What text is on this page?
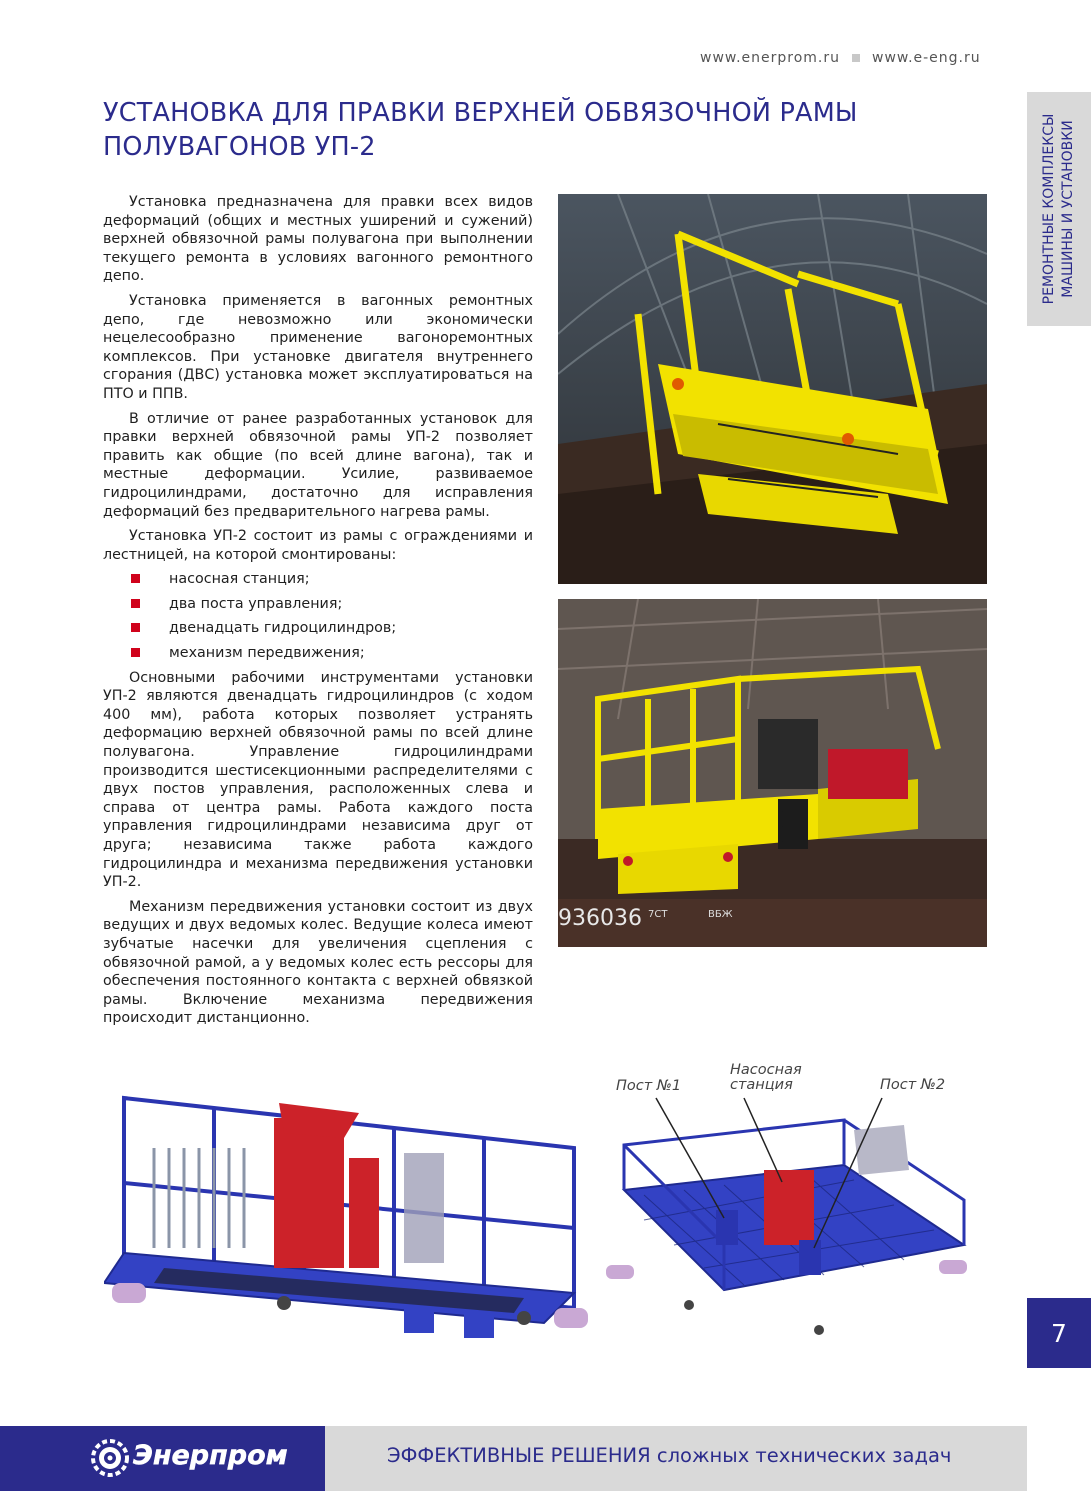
www.enerprom.ru www.e-eng.ru
УСТАНОВКА ДЛЯ ПРАВКИ ВЕРХНЕЙ ОБВЯЗОЧНОЙ РАМЫ
ПОЛУВАГОНОВ УП-2	РЕМОНТНЫЕ КОМПЛЕКСЫ МАШИНЫ И УСТАНОВКИ

Установка предназначена для правки всех видов деформаций (общих и местных уширений и сужений) верхней обвязочной рамы полувагона при выполнении текущего ремонта в условиях вагонного ремонтного депо.

Установка применяется в вагонных ремонтных депо, где невозможно или экономически нецелесообразно применение вагоноремонтных комплексов. При установке двигателя внутреннего сгорания (ДВС) установка может эксплуатироваться на ПТО и ППВ.

В отличие от ранее разработанных установок для правки верхней обвязочной рамы УП-2 позволяет править как общие (по всей длине вагона), так и местные деформации. Усилие, развиваемое гидроцилиндрами, достаточно для исправления деформаций без предварительного нагрева рамы.

Установка УП-2 состоит из рамы с ограждениями и лестницей, на которой смонтированы:

насосная станция;
два поста управления;
двенадцать гидроцилиндров;
механизм передвижения;

Основными рабочими инструментами установки УП-2 являются двенадцать гидроцилиндров (с ходом 400 мм), работа которых позволяет устранять деформацию верхней обвязочной рамы по всей длине полувагона. Управление гидроцилиндрами производится шестисекционными распределителями с двух постов управления, расположенных слева и справа от центра рамы. Работа каждого поста управления гидроцилиндрами независима друг от друга; независима также работа каждого гидроцилиндра и механизма передвижения установки УП-2.

Механизм передвижения установки состоит из двух ведущих и двух ведомых колес. Ведущие колеса имеют зубчатые насечки для увеличения сцепления с обвязочной рамой, а у ведомых колес есть рессоры для обеспечения постоянного контакта с верхней обвязкой рамы. Включение механизма передвижения происходит дистанционно.

936036 7СТ	ВБЖ
Пост №1
Насосная
станция	Пост №2
7
Энерпром	ЭФФЕКТИВНЫЕ РЕШЕНИЯ сложных технических задач
